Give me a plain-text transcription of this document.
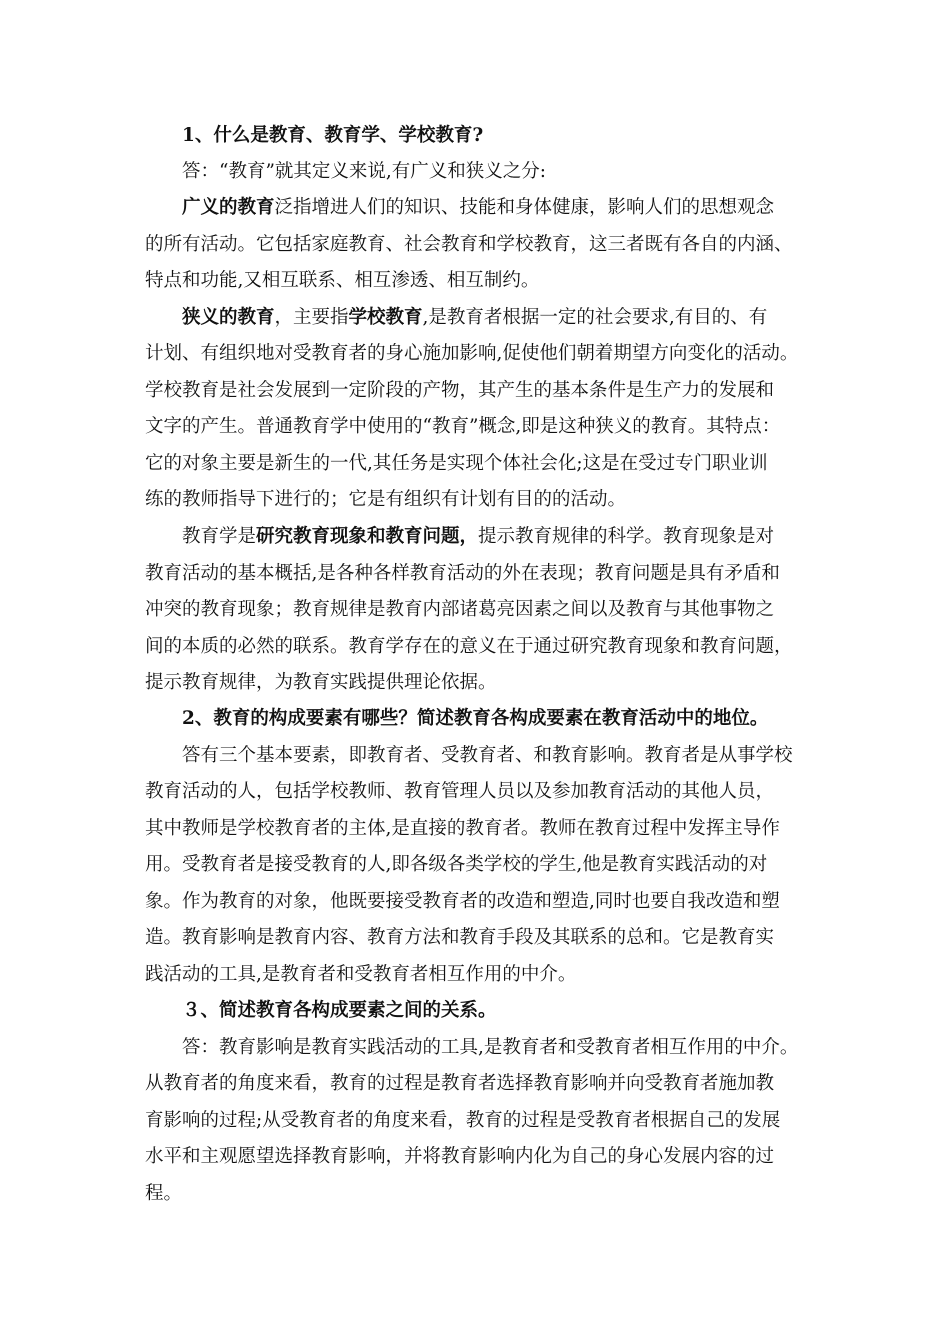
1、什么是教育、教育学、学校教育?
答：“教育”就其定义来说,有广义和狭义之分:
广义的教育泛指增进人们的知识、技能和身体健康，影响人们的思想观念
的所有活动。它包括家庭教育、社会教育和学校教育，这三者既有各自的内涵、
特点和功能,又相互联系、相互渗透、相互制约。
狭义的教育，主要指学校教育,是教育者根据一定的社会要求,有目的、有
计划、有组织地对受教育者的身心施加影响,促使他们朝着期望方向变化的活动。
学校教育是社会发展到一定阶段的产物，其产生的基本条件是生产力的发展和
文字的产生。普通教育学中使用的“教育”概念,即是这种狭义的教育。其特点：
它的对象主要是新生的一代,其任务是实现个体社会化;这是在受过专门职业训
练的教师指导下进行的；它是有组织有计划有目的的活动。
教育学是研究教育现象和教育问题，提示教育规律的科学。教育现象是对
教育活动的基本概括,是各种各样教育活动的外在表现；教育问题是具有矛盾和
冲突的教育现象；教育规律是教育内部诸葛亮因素之间以及教育与其他事物之
间的本质的必然的联系。教育学存在的意义在于通过研究教育现象和教育问题，
提示教育规律，为教育实践提供理论依据。
2、教育的构成要素有哪些？简述教育各构成要素在教育活动中的地位。
答有三个基本要素，即教育者、受教育者、和教育影响。教育者是从事学校
教育活动的人，包括学校教师、教育管理人员以及参加教育活动的其他人员，
其中教师是学校教育者的主体,是直接的教育者。教师在教育过程中发挥主导作
用。受教育者是接受教育的人,即各级各类学校的学生,他是教育实践活动的对
象。作为教育的对象，他既要接受教育者的改造和塑造,同时也要自我改造和塑
造。教育影响是教育内容、教育方法和教育手段及其联系的总和。它是教育实
践活动的工具,是教育者和受教育者相互作用的中介。
３、简述教育各构成要素之间的关系。
答：教育影响是教育实践活动的工具,是教育者和受教育者相互作用的中介。
从教育者的角度来看，教育的过程是教育者选择教育影响并向受教育者施加教
育影响的过程;从受教育者的角度来看，教育的过程是受教育者根据自己的发展
水平和主观愿望选择教育影响，并将教育影响内化为自己的身心发展内容的过
程。
